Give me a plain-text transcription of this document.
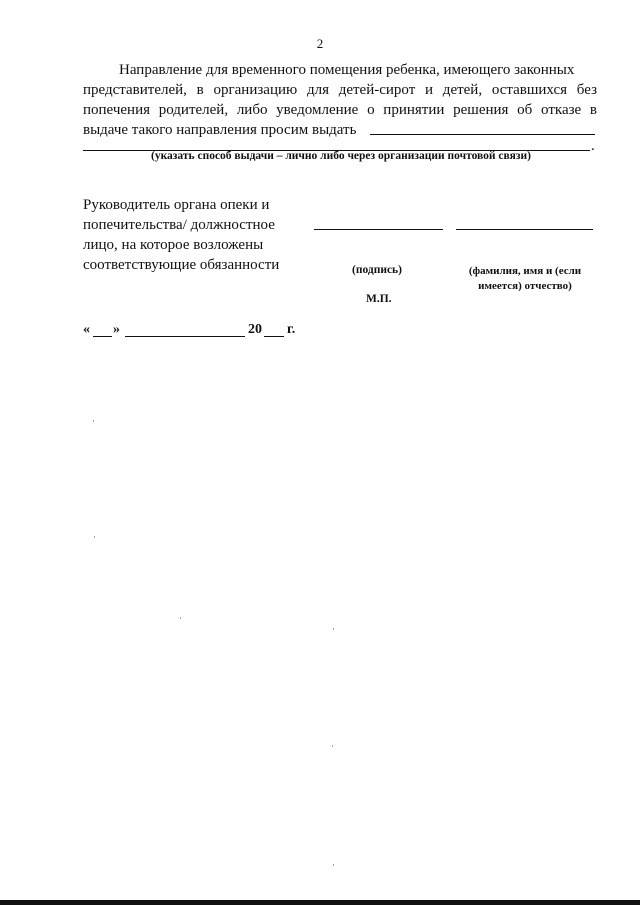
2
Направление для временного помещения ребенка, имеющего законных
представителей, в организацию для детей-сирот и детей, оставшихся без
попечения родителей, либо уведомление о принятии решения об отказе в
выдаче такого направления просим выдать
.
(указать способ выдачи – лично либо через организации почтовой связи)
Руководитель органа опеки и
попечительства/ должностное
лицо, на которое возложены
соответствующие обязанности	(подпись)	(фамилия, имя и (если
имеется) отчество)
М.П.
« »	20 г.
